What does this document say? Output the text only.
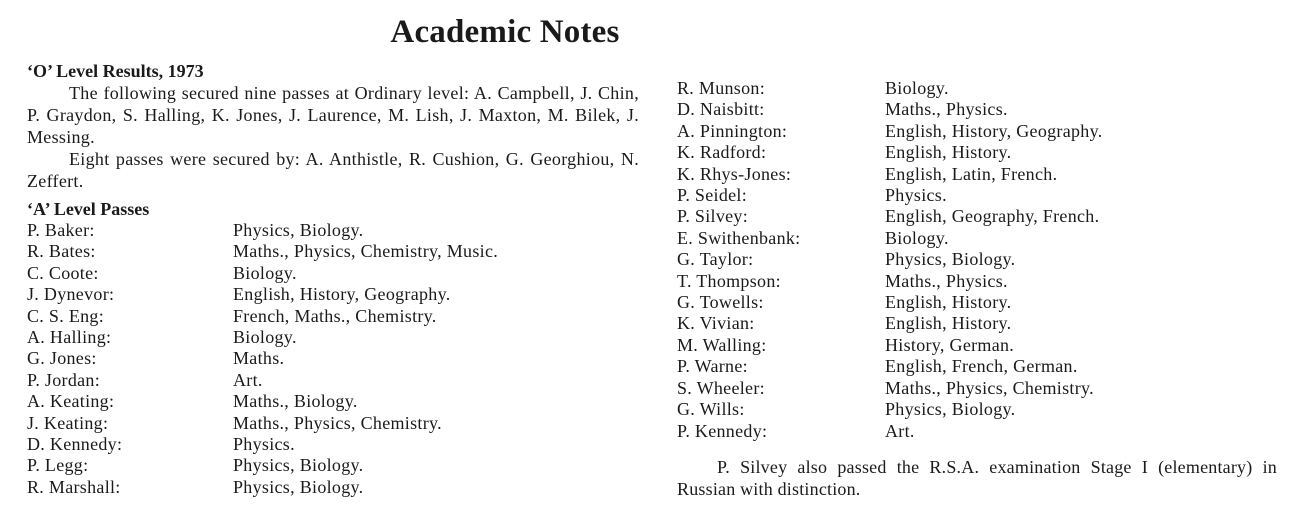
Academic Notes

‘O’ Level Results, 1973

The following secured nine passes at Ordinary level: A. Campbell, J. Chin, P. Graydon, S. Halling, K. Jones, J. Laurence, M. Lish, J. Maxton, M. Bilek, J. Messing.

Eight passes were secured by: A. Anthistle, R. Cushion, G. Georghiou, N. Zeffert.

‘A’ Level Passes

P. Baker:	Physics, Biology.
R. Bates:	Maths., Physics, Chemistry, Music.
C. Coote:	Biology.
J. Dynevor:	English, History, Geography.
C. S. Eng:	French, Maths., Chemistry.
A. Halling:	Biology.
G. Jones:	Maths.
P. Jordan:	Art.
A. Keating:	Maths., Biology.
J. Keating:	Maths., Physics, Chemistry.
D. Kennedy:	Physics.
P. Legg:	Physics, Biology.
R. Marshall:	Physics, Biology.
R. Munson:	Biology.
D. Naisbitt:	Maths., Physics.
A. Pinnington:	English, History, Geography.
K. Radford:	English, History.
K. Rhys-Jones:	English, Latin, French.
P. Seidel:	Physics.
P. Silvey:	English, Geography, French.
E. Swithenbank:	Biology.
G. Taylor:	Physics, Biology.
T. Thompson:	Maths., Physics.
G. Towells:	English, History.
K. Vivian:	English, History.
M. Walling:	History, German.
P. Warne:	English, French, German.
S. Wheeler:	Maths., Physics, Chemistry.
G. Wills:	Physics, Biology.
P. Kennedy:	Art.

P. Silvey also passed the R.S.A. examination Stage I (elementary) in Russian with distinction.
